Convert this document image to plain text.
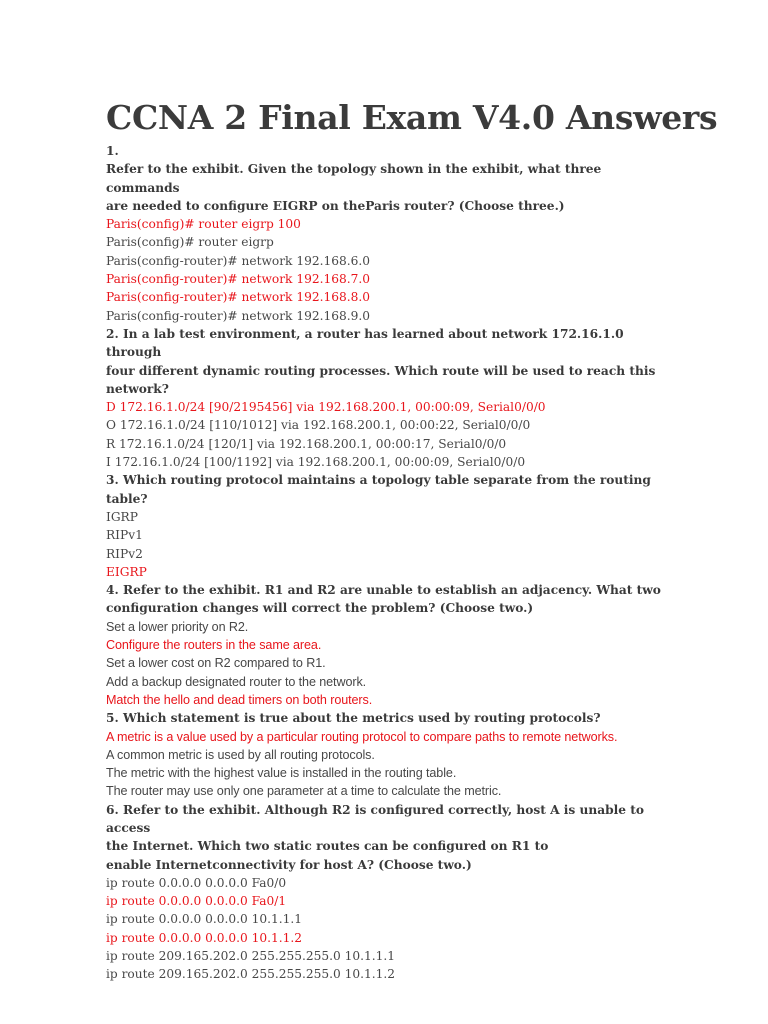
CCNA 2 Final Exam V4.0 Answers
1.
Refer to the exhibit. Given the topology shown in the exhibit, what three commands
are needed to configure EIGRP on theParis router? (Choose three.)
Paris(config)# router eigrp 100
Paris(config)# router eigrp
Paris(config-router)# network 192.168.6.0
Paris(config-router)# network 192.168.7.0
Paris(config-router)# network 192.168.8.0
Paris(config-router)# network 192.168.9.0
2. In a lab test environment, a router has learned about network 172.16.1.0 through
four different dynamic routing processes. Which route will be used to reach this
network?
D 172.16.1.0/24 [90/2195456] via 192.168.200.1, 00:00:09, Serial0/0/0
O 172.16.1.0/24 [110/1012] via 192.168.200.1, 00:00:22, Serial0/0/0
R 172.16.1.0/24 [120/1] via 192.168.200.1, 00:00:17, Serial0/0/0
I 172.16.1.0/24 [100/1192] via 192.168.200.1, 00:00:09, Serial0/0/0
3. Which routing protocol maintains a topology table separate from the routing table?
IGRP
RIPv1
RIPv2
EIGRP
4. Refer to the exhibit. R1 and R2 are unable to establish an adjacency. What two
configuration changes will correct the problem? (Choose two.)
Set a lower priority on R2.
Configure the routers in the same area.
Set a lower cost on R2 compared to R1.
Add a backup designated router to the network.
Match the hello and dead timers on both routers.
5. Which statement is true about the metrics used by routing protocols?
A metric is a value used by a particular routing protocol to compare paths to remote networks.
A common metric is used by all routing protocols.
The metric with the highest value is installed in the routing table.
The router may use only one parameter at a time to calculate the metric.
6. Refer to the exhibit. Although R2 is configured correctly, host A is unable to access
the Internet. Which two static routes can be configured on R1 to
enable Internetconnectivity for host A? (Choose two.)
ip route 0.0.0.0 0.0.0.0 Fa0/0
ip route 0.0.0.0 0.0.0.0 Fa0/1
ip route 0.0.0.0 0.0.0.0 10.1.1.1
ip route 0.0.0.0 0.0.0.0 10.1.1.2
ip route 209.165.202.0 255.255.255.0 10.1.1.1
ip route 209.165.202.0 255.255.255.0 10.1.1.2
